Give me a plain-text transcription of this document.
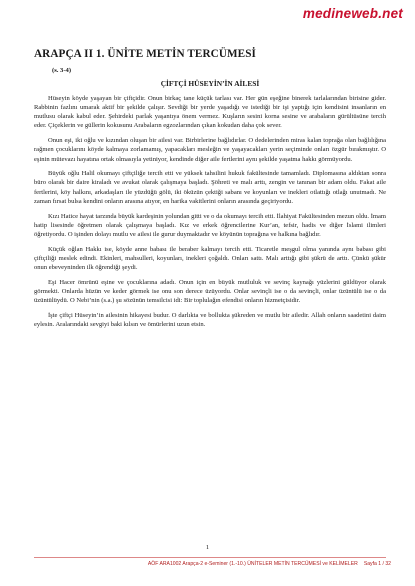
medineweb.net
ARAPÇA II 1. ÜNİTE METİN TERCÜMESİ
(s. 3-4)
ÇİFTÇİ HÜSEYİN’İN AİLESİ

Hüseyin köyde yaşayan bir çiftçidir. Onun birkaç tane küçük tarlası var. Her gün eşeğine binerek tarlalarından birisine gider. Rabbinin fazlını umarak aktif bir şekilde çalışır. Sevdiği bir yerde yaşadığı ve istediği bir işi yaptığı için kendisini insanların en mutlusu olarak kabul eder. Şehirdeki parlak yaşantıya önem vermez. Kuşların sesini korna sesine ve arabaların gürültüsüne tercih eder. Çiçeklerin ve güllerin kokusunu Arabaların egzozlarından çıkan kokudan daha çok sever.

Onun eşi, iki oğlu ve kızından oluşan bir ailesi var. Birbirlerine bağlıdırlar. O dedelerinden miras kalan toprağa olan bağlılığına rağmen çocuklarını köyde kalmaya zorlamamış, yapacakları mesleğin ve yaşayacakları yerin seçiminde onları özgür bırakmıştır. O eşinin mütevazı hayatına ortak olmasıyla yetiniyor, kendinde diğer aile fertlerini aynı şekilde yaşatma hakkı görmüyordu.

Büyük oğlu Halil okumayı çiftçiliğe tercih etti ve yüksek tahsilini hukuk fakültesinde tamamladı. Diplomasına aldıktan sonra büro olarak bir daire kiraladı ve avukat olarak çalışmaya başladı. Şöhreti ve malı arttı, zengin ve tanınan bir adam oldu. Fakat aile fertlerini, köy halkını, arkadaşları ile yüzdüğü gölü, iki öküzün çektiği sabanı ve koyunları ve inekleri otlattığı otlağı unutmadı. Ne zaman fırsat bulsa kendini onların arasına atıyor, en harika vakitlerini onların arasında geçiriyordu.

Kızı Hatice hayat tarzında büyük kardeşinin yolundan gitti ve o da okumayı tercih etti. İlahiyat Fakültesinden mezun oldu. İmam hatip lisesinde öğretmen olarak çalışmaya başladı. Kız ve erkek öğrencilerine Kur’an, tefsir, hadis ve diğer İslami ilimleri öğretiyordu. O işinden dolayı mutlu ve ailesi ile gurur duymaktadır ve köyünün toprağına ve halkına bağlıdır.

Küçük oğlan Hakkı ise, köyde anne babası ile beraber kalmayı tercih etti. Ticaretle meşgul olma yanında aynı babası gibi çiftçiliği meslek edindi. Ekinleri, mahsulleri, koyunları, inekleri çoğaldı. Onları sattı. Malı arttığı gibi şükrü de arttı. Çünkü şükür onun ebeveyninden ilk öğrendiği şeydi.

Eşi Hacer ömrünü eşine ve çocuklarına adadı. Onun için en büyük mutluluk ve sevinç kaynağı yüzlerini güldüyor olarak görmekti. Onlarda hüzün ve keder görmek ise onu son derece üzüyordu. Onlar sevinçli ise o da sevinçli, onlar üzüntülü ise o da üzüntülüydü. O Nebi’nin (s.a.) şu sözünün temsilcisi idi: Bir toplulağın efendisi onların hizmetçisidir.

İşte çiftçi Hüseyin’in ailesinin hikayesi budur. O darlıkta ve bollukta şükreden ve mutlu bir ailedir. Allah onların saadetini daim eylesin. Aralarındaki sevgiyi baki kılsın ve ömürlerini uzun etsin.

1
AÖF ARA1002 Arapça-2 e-Seminer (1.-10.) ÜNİTELER METİN TERCÜMESİ ve KELİMELER Sayfa 1 / 32
